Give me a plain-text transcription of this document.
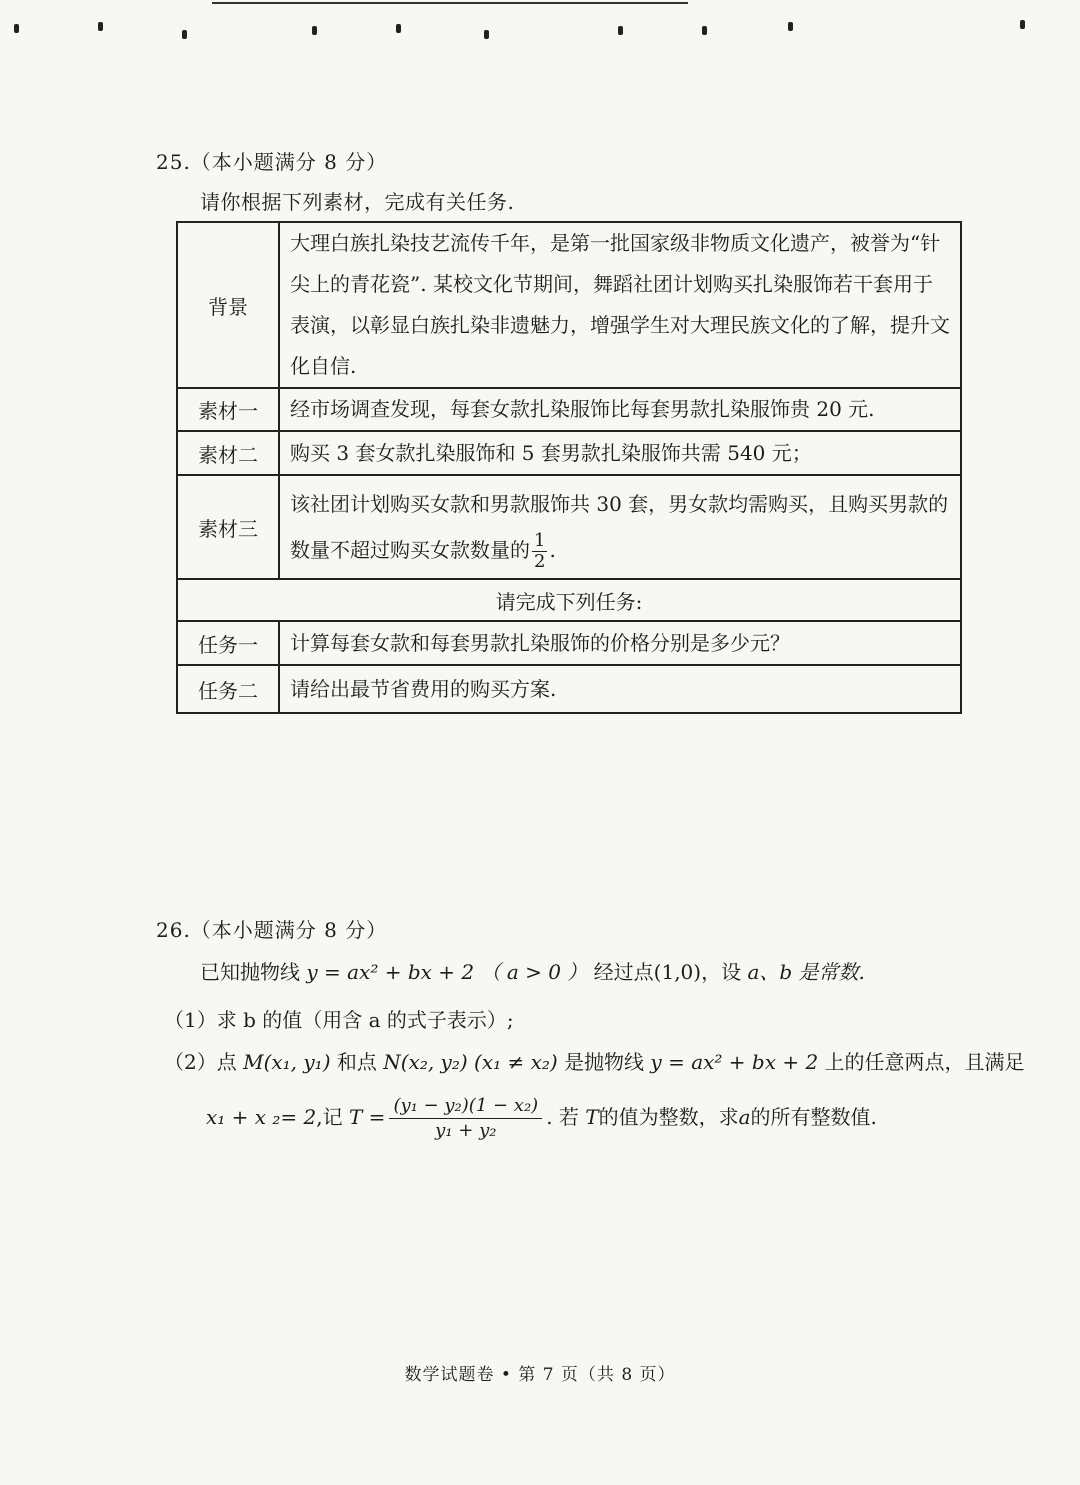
25.（本小题满分 8 分）
请你根据下列素材，完成有关任务.
背景	大理白族扎染技艺流传千年，是第一批国家级非物质文化遗产，被誉为“针尖上的青花瓷”. 某校文化节期间，舞蹈社团计划购买扎染服饰若干套用于表演，以彰显白族扎染非遗魅力，增强学生对大理民族文化的了解，提升文化自信.
素材一	经市场调查发现，每套女款扎染服饰比每套男款扎染服饰贵 20 元.
素材二	购买 3 套女款扎染服饰和 5 套男款扎染服饰共需 540 元；
素材三	该社团计划购买女款和男款服饰共 30 套，男女款均需购买，且购买男款的数量不超过购买女款数量的 $\frac{1}{2}$ .
请完成下列任务:	
任务一	计算每套女款和每套男款扎染服饰的价格分别是多少元？
任务二	请给出最节省费用的购买方案.
26.（本小题满分 8 分）
已知抛物线 y = ax² + bx + 2 （ a > 0 ） 经过点(1,0)，设 a、b 是常数.
（1）求 b 的值（用含 a 的式子表示）;
（2）点 M(x₁, y₁) 和点 N(x₂, y₂) (x₁ ≠ x₂) 是抛物线 y = ax² + bx + 2 上的任意两点，且满足
x₁ + x ₂= 2,记 $T = \frac{\text{(y₁ − y₂)(1 − x₂)}}{\text{y₁ + y₂}}$ . 若 T的值为整数，求a的所有整数值.
数学试题卷 • 第 7 页（共 8 页）
